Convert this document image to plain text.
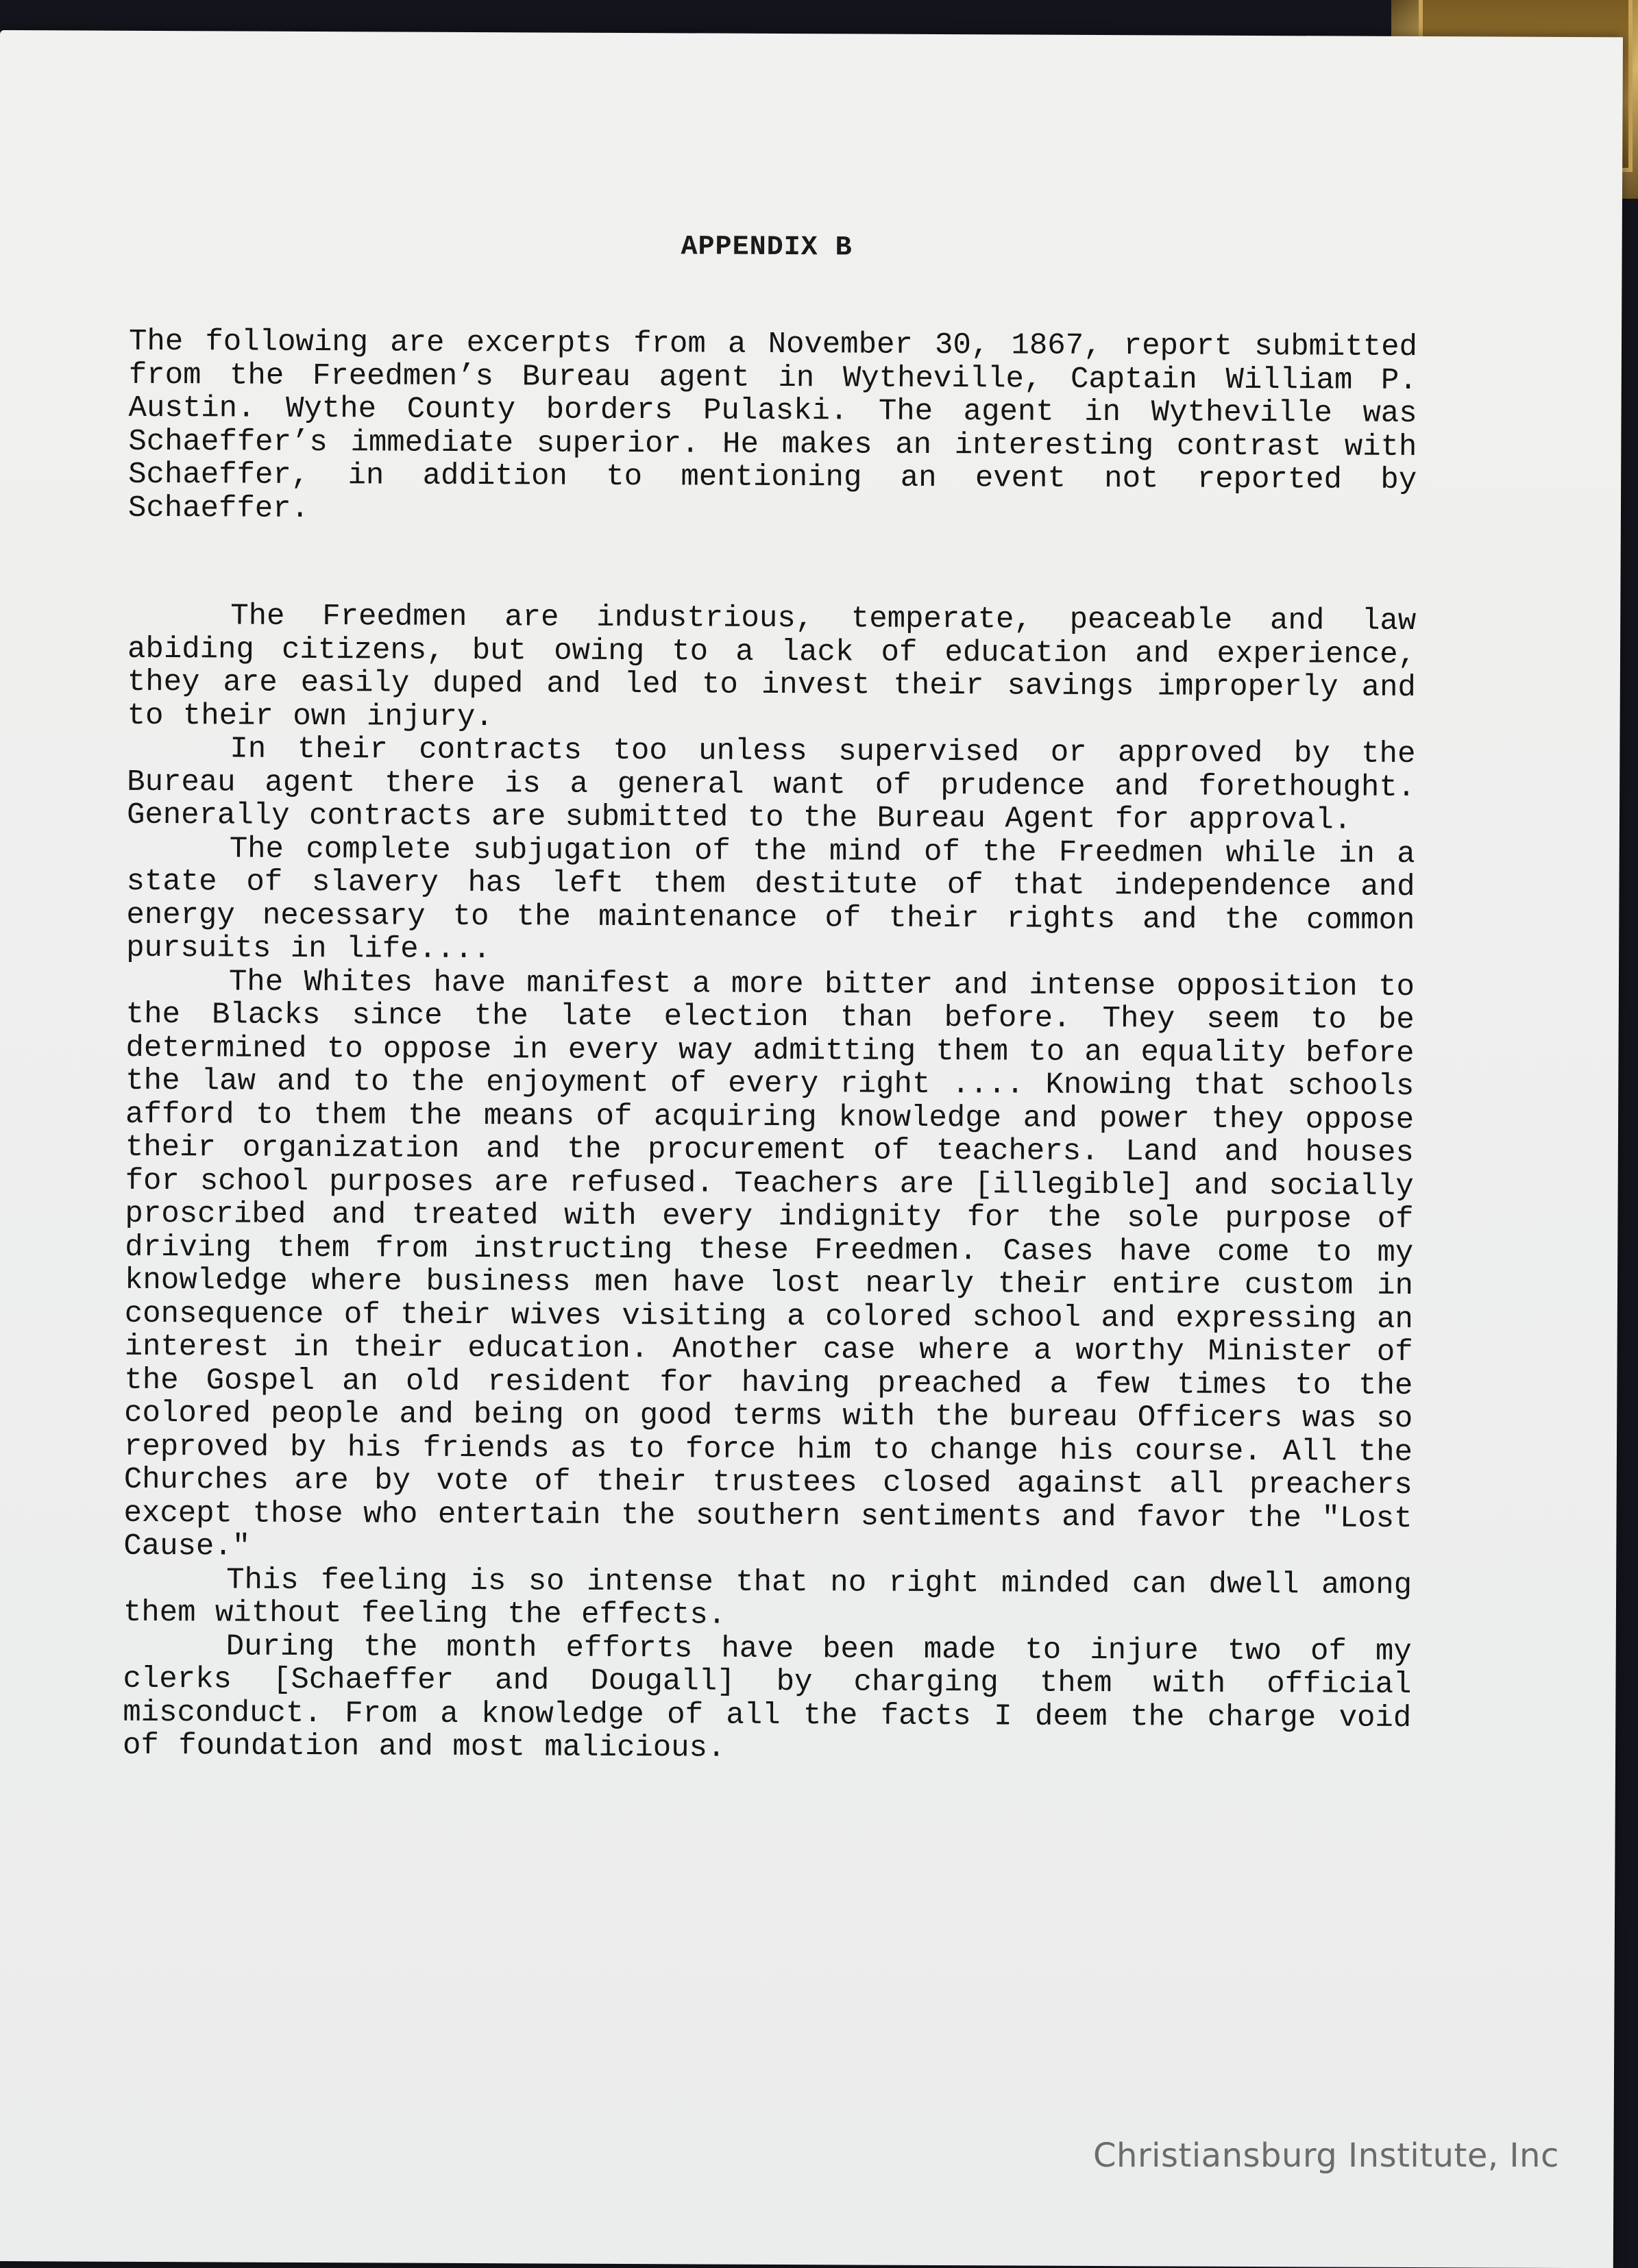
APPENDIX B
The following are excerpts from a November 30, 1867, report submitted from the Freedmen’s Bureau agent in Wytheville, Captain William P. Austin. Wythe County borders Pulaski. The agent in Wytheville was Schaeffer’s immediate superior. He makes an interesting contrast with Schaeffer, in addition to mentioning an event not reported by Schaeffer.

The Freedmen are industrious, temperate, peaceable and law abiding citizens, but owing to a lack of education and experience, they are easily duped and led to invest their savings improperly and to their own injury.

In their contracts too unless supervised or approved by the Bureau agent there is a general want of prudence and forethought. Generally contracts are submitted to the Bureau Agent for approval.

The complete subjugation of the mind of the Freedmen while in a state of slavery has left them destitute of that independence and energy necessary to the maintenance of their rights and the common pursuits in life....

The Whites have manifest a more bitter and intense opposition to the Blacks since the late election than before. They seem to be determined to oppose in every way admitting them to an equality before the law and to the enjoyment of every right .... Knowing that schools afford to them the means of acquiring knowledge and power they oppose their organization and the procurement of teachers. Land and houses for school purposes are refused. Teachers are [illegible] and socially proscribed and treated with every indignity for the sole purpose of driving them from instructing these Freedmen. Cases have come to my knowledge where business men have lost nearly their entire custom in consequence of their wives visiting a colored school and expressing an interest in their education. Another case where a worthy Minister of the Gospel an old resident for having preached a few times to the colored people and being on good terms with the bureau Officers was so reproved by his friends as to force him to change his course. All the Churches are by vote of their trustees closed against all preachers except those who entertain the southern sentiments and favor the "Lost Cause."

This feeling is so intense that no right minded can dwell among them without feeling the effects.

During the month efforts have been made to injure two of my clerks [Schaeffer and Dougall] by charging them with official misconduct. From a knowledge of all the facts I deem the charge void of foundation and most malicious.

Christiansburg Institute, Inc
